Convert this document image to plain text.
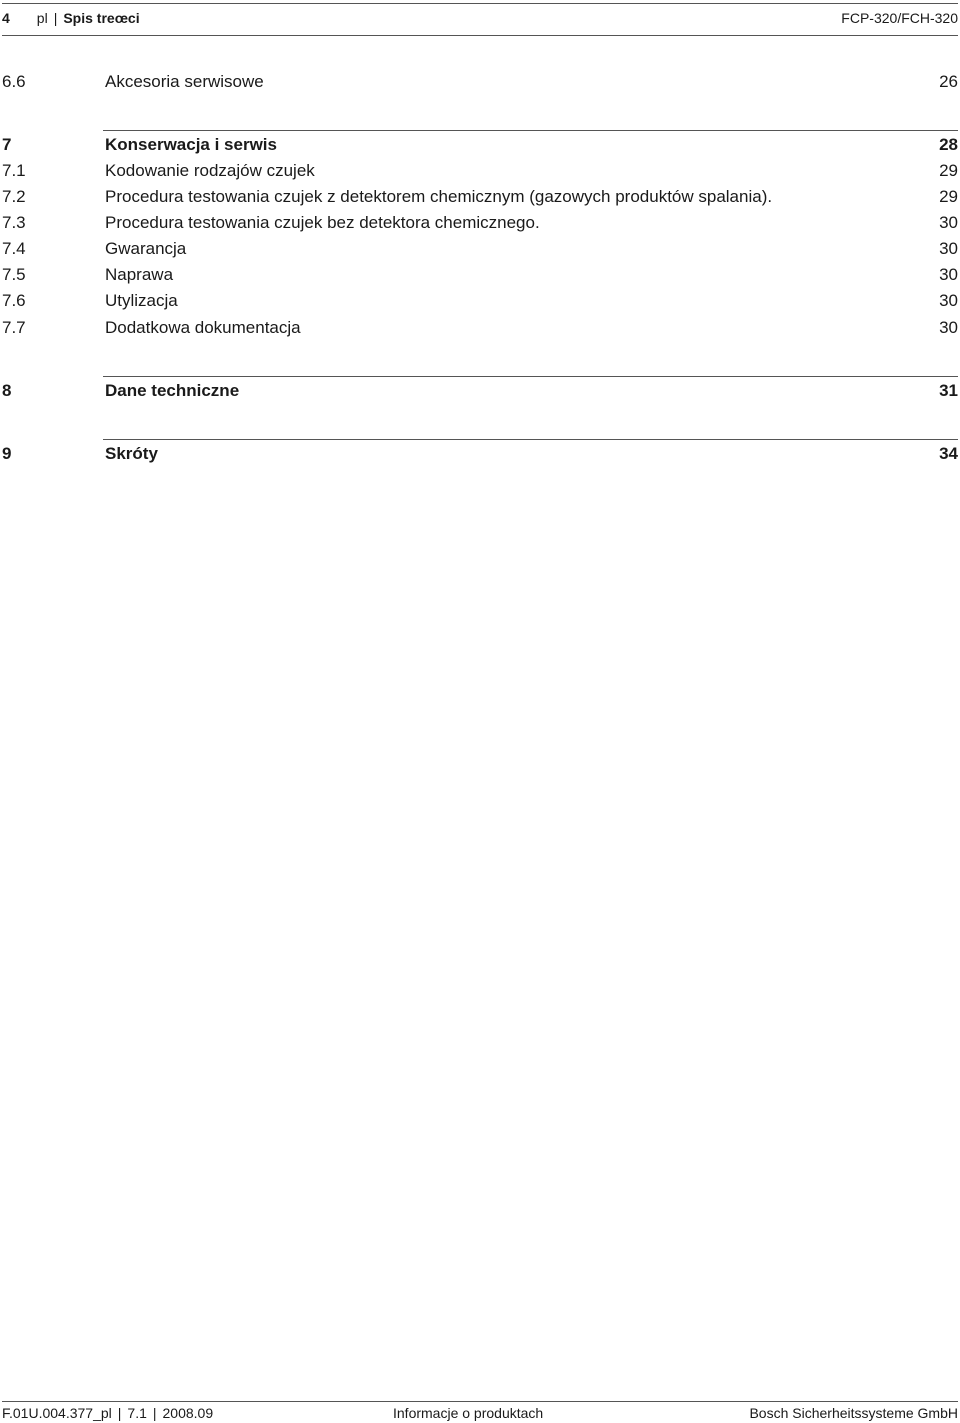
4 pl | Spis treœci	FCP-320/FCH-320
6.6	Akcesoria serwisowe	26
7	Konserwacja i serwis	28
7.1	Kodowanie rodzajów czujek	29
7.2	Procedura testowania czujek z detektorem chemicznym (gazowych produktów spalania).	29
7.3	Procedura testowania czujek bez detektora chemicznego.	30
7.4	Gwarancja	30
7.5	Naprawa	30
7.6	Utylizacja	30
7.7	Dodatkowa dokumentacja	30
8	Dane techniczne	31
9	Skróty	34
F.01U.004.377_pl | 7.1 | 2008.09	Informacje o produktach	Bosch Sicherheitssysteme GmbH
